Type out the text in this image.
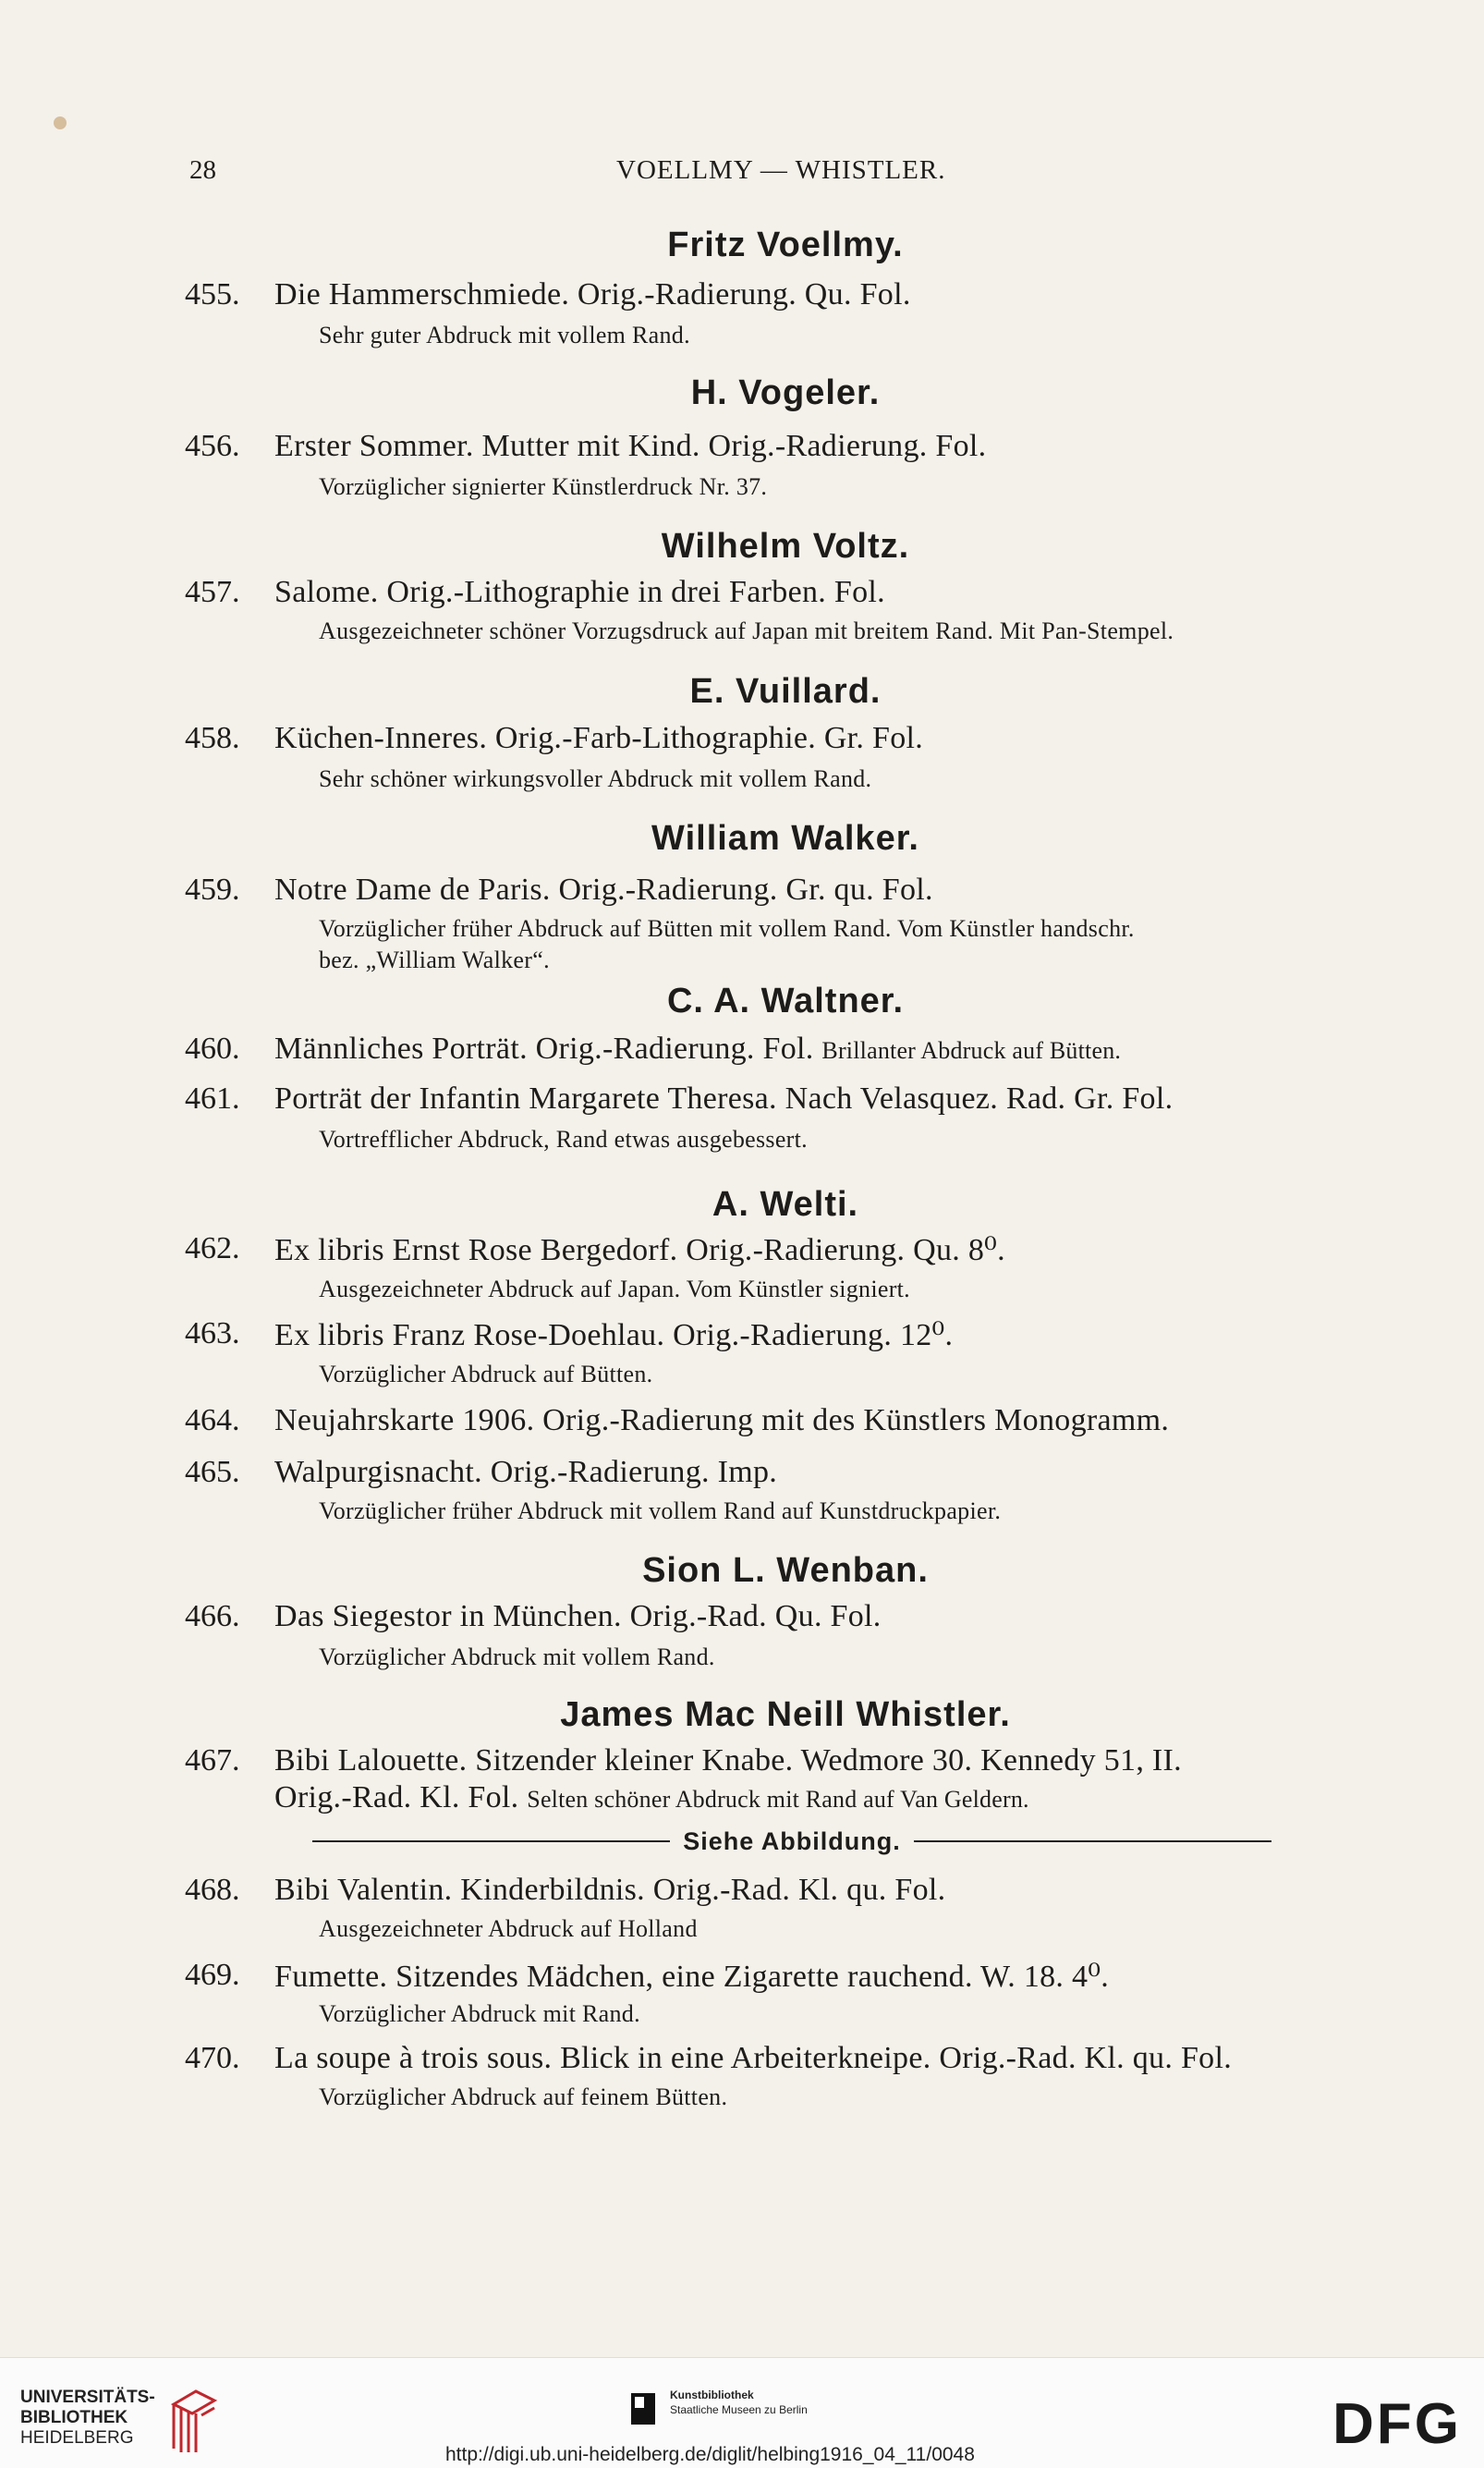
28	VOELLMY — WHISTLER.
Fritz Voellmy.
455. Die Hammerschmiede. Orig.-Radierung. Qu. Fol.
Sehr guter Abdruck mit vollem Rand.
H. Vogeler.
456. Erster Sommer. Mutter mit Kind. Orig.-Radierung. Fol.
Vorzüglicher signierter Künstlerdruck Nr. 37.
Wilhelm Voltz.
457. Salome. Orig.-Lithographie in drei Farben. Fol.
Ausgezeichneter schöner Vorzugsdruck auf Japan mit breitem Rand. Mit Pan-Stempel.
E. Vuillard.
458. Küchen-Inneres. Orig.-Farb-Lithographie. Gr. Fol.
Sehr schöner wirkungsvoller Abdruck mit vollem Rand.
William Walker.
459. Notre Dame de Paris. Orig.-Radierung. Gr. qu. Fol.
Vorzüglicher früher Abdruck auf Bütten mit vollem Rand. Vom Künstler handschr.
bez. „William Walker“.
C. A. Waltner.
460. Männliches Porträt. Orig.-Radierung. Fol. Brillanter Abdruck auf Bütten.
461. Porträt der Infantin Margarete Theresa. Nach Velasquez. Rad. Gr. Fol.
Vortrefflicher Abdruck, Rand etwas ausgebessert.
A. Welti.
462. Ex libris Ernst Rose Bergedorf. Orig.-Radierung. Qu. 8⁰.
Ausgezeichneter Abdruck auf Japan. Vom Künstler signiert.
463. Ex libris Franz Rose-Doehlau. Orig.-Radierung. 12⁰.
Vorzüglicher Abdruck auf Bütten.
464. Neujahrskarte 1906. Orig.-Radierung mit des Künstlers Monogramm.
465. Walpurgisnacht. Orig.-Radierung. Imp.
Vorzüglicher früher Abdruck mit vollem Rand auf Kunstdruckpapier.
Sion L. Wenban.
466. Das Siegestor in München. Orig.-Rad. Qu. Fol.
Vorzüglicher Abdruck mit vollem Rand.
James Mac Neill Whistler.
467. Bibi Lalouette. Sitzender kleiner Knabe. Wedmore 30. Kennedy 51, II.
Orig.-Rad. Kl. Fol. Selten schöner Abdruck mit Rand auf Van Geldern.
Siehe Abbildung.
468. Bibi Valentin. Kinderbildnis. Orig.-Rad. Kl. qu. Fol.
Ausgezeichneter Abdruck auf Holland
469. Fumette. Sitzendes Mädchen, eine Zigarette rauchend. W. 18. 4⁰.
Vorzüglicher Abdruck mit Rand.
470. La soupe à trois sous. Blick in eine Arbeiterkneipe. Orig.-Rad. Kl. qu. Fol.
Vorzüglicher Abdruck auf feinem Bütten.
UNIVERSITÄTS-
BIBLIOTHEK
HEIDELBERG
Kunstbibliothek
Staatliche Museen zu Berlin	DFG
http://digi.ub.uni-heidelberg.de/diglit/helbing1916_04_11/0048
